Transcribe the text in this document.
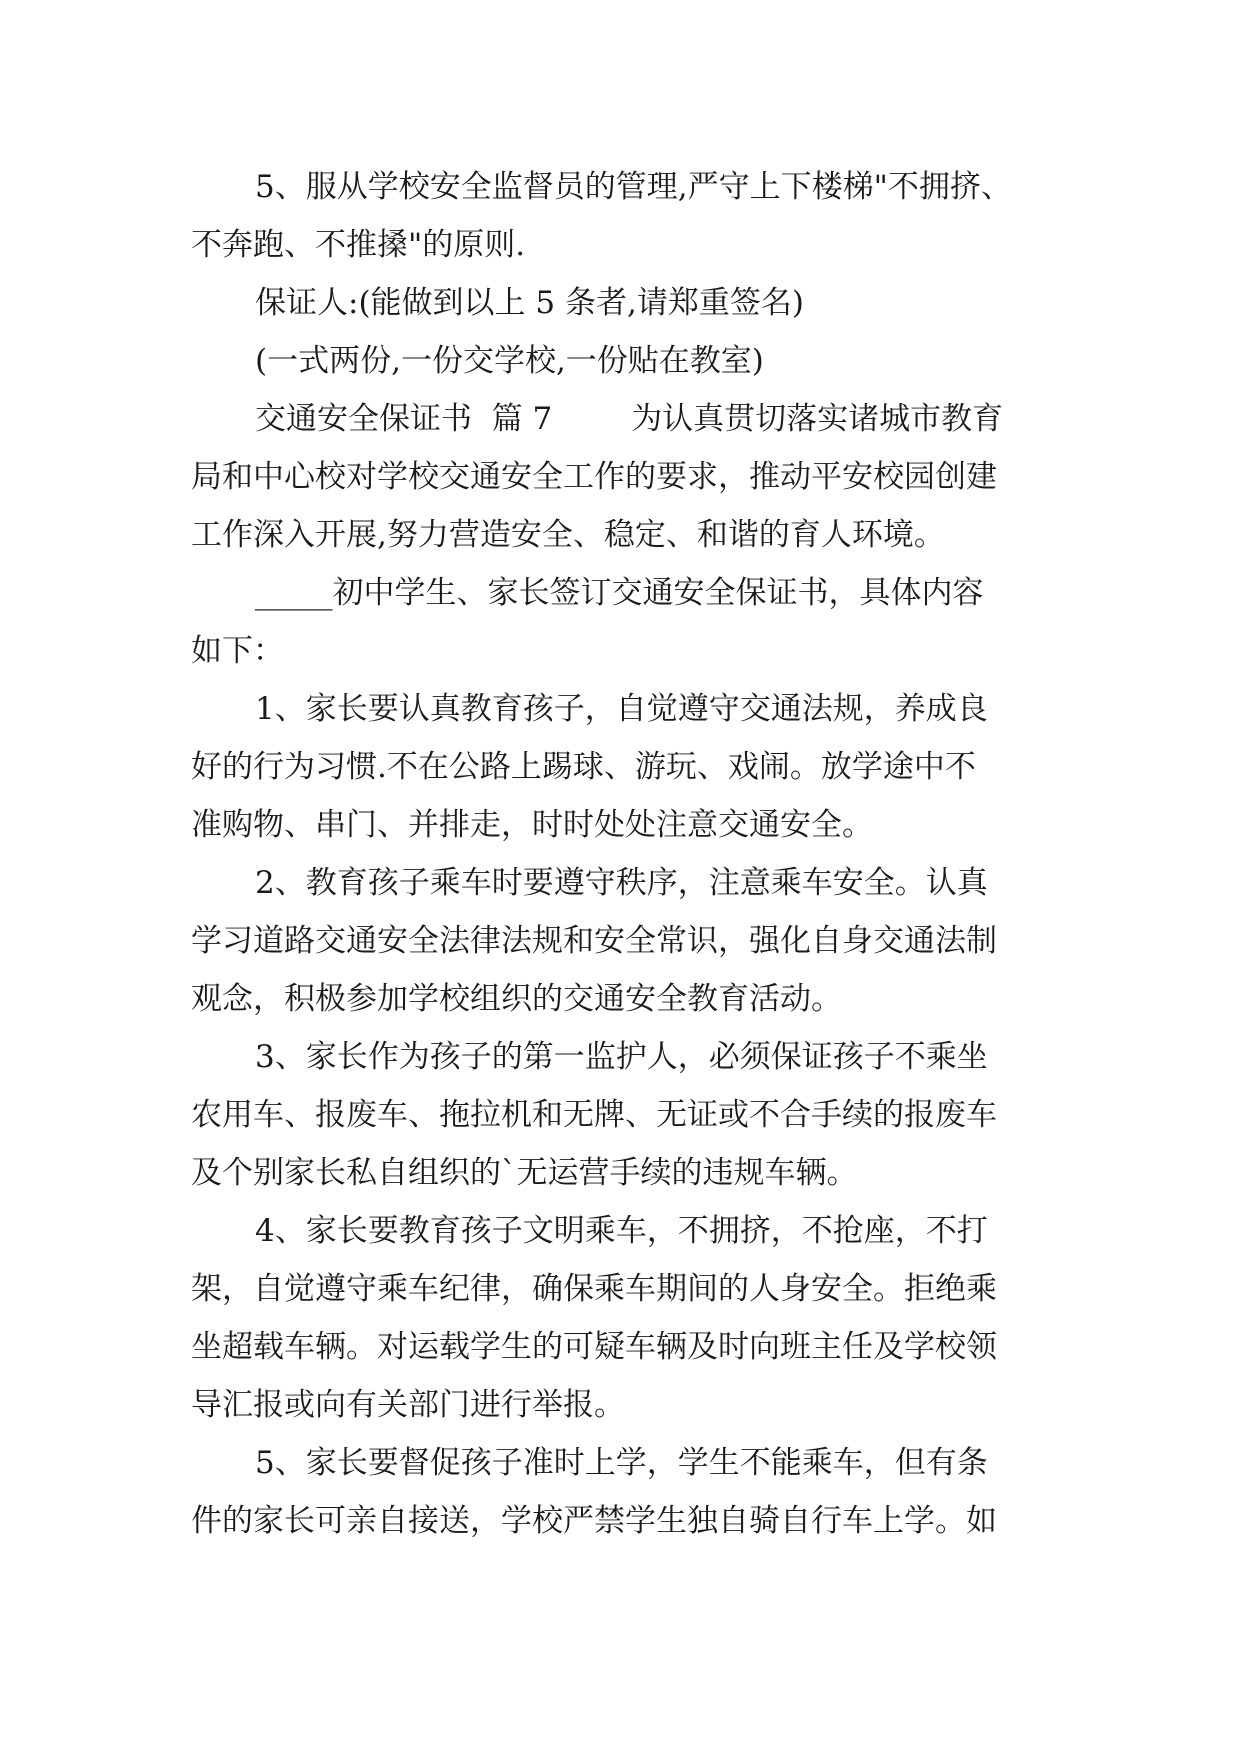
5、服从学校安全监督员的管理,严守上下楼梯"不拥挤、
不奔跑、不推搡"的原则.
保证人:(能做到以上 5 条者,请郑重签名)
(一式两份,一份交学校,一份贴在教室)
交通安全保证书  篇 7        为认真贯切落实诸城市教育
局和中心校对学校交通安全工作的要求，推动平安校园创建
工作深入开展,努力营造安全、稳定、和谐的育人环境。
_____初中学生、家长签订交通安全保证书，具体内容
如下：
1、家长要认真教育孩子，自觉遵守交通法规，养成良
好的行为习惯.不在公路上踢球、游玩、戏闹。放学途中不
准购物、串门、并排走，时时处处注意交通安全。
2、教育孩子乘车时要遵守秩序，注意乘车安全。认真
学习道路交通安全法律法规和安全常识，强化自身交通法制
观念，积极参加学校组织的交通安全教育活动。
3、家长作为孩子的第一监护人，必须保证孩子不乘坐
农用车、报废车、拖拉机和无牌、无证或不合手续的报废车
及个别家长私自组织的`无运营手续的违规车辆。
4、家长要教育孩子文明乘车，不拥挤，不抢座，不打
架，自觉遵守乘车纪律，确保乘车期间的人身安全。拒绝乘
坐超载车辆。对运载学生的可疑车辆及时向班主任及学校领
导汇报或向有关部门进行举报。
5、家长要督促孩子准时上学，学生不能乘车，但有条
件的家长可亲自接送，学校严禁学生独自骑自行车上学。如
